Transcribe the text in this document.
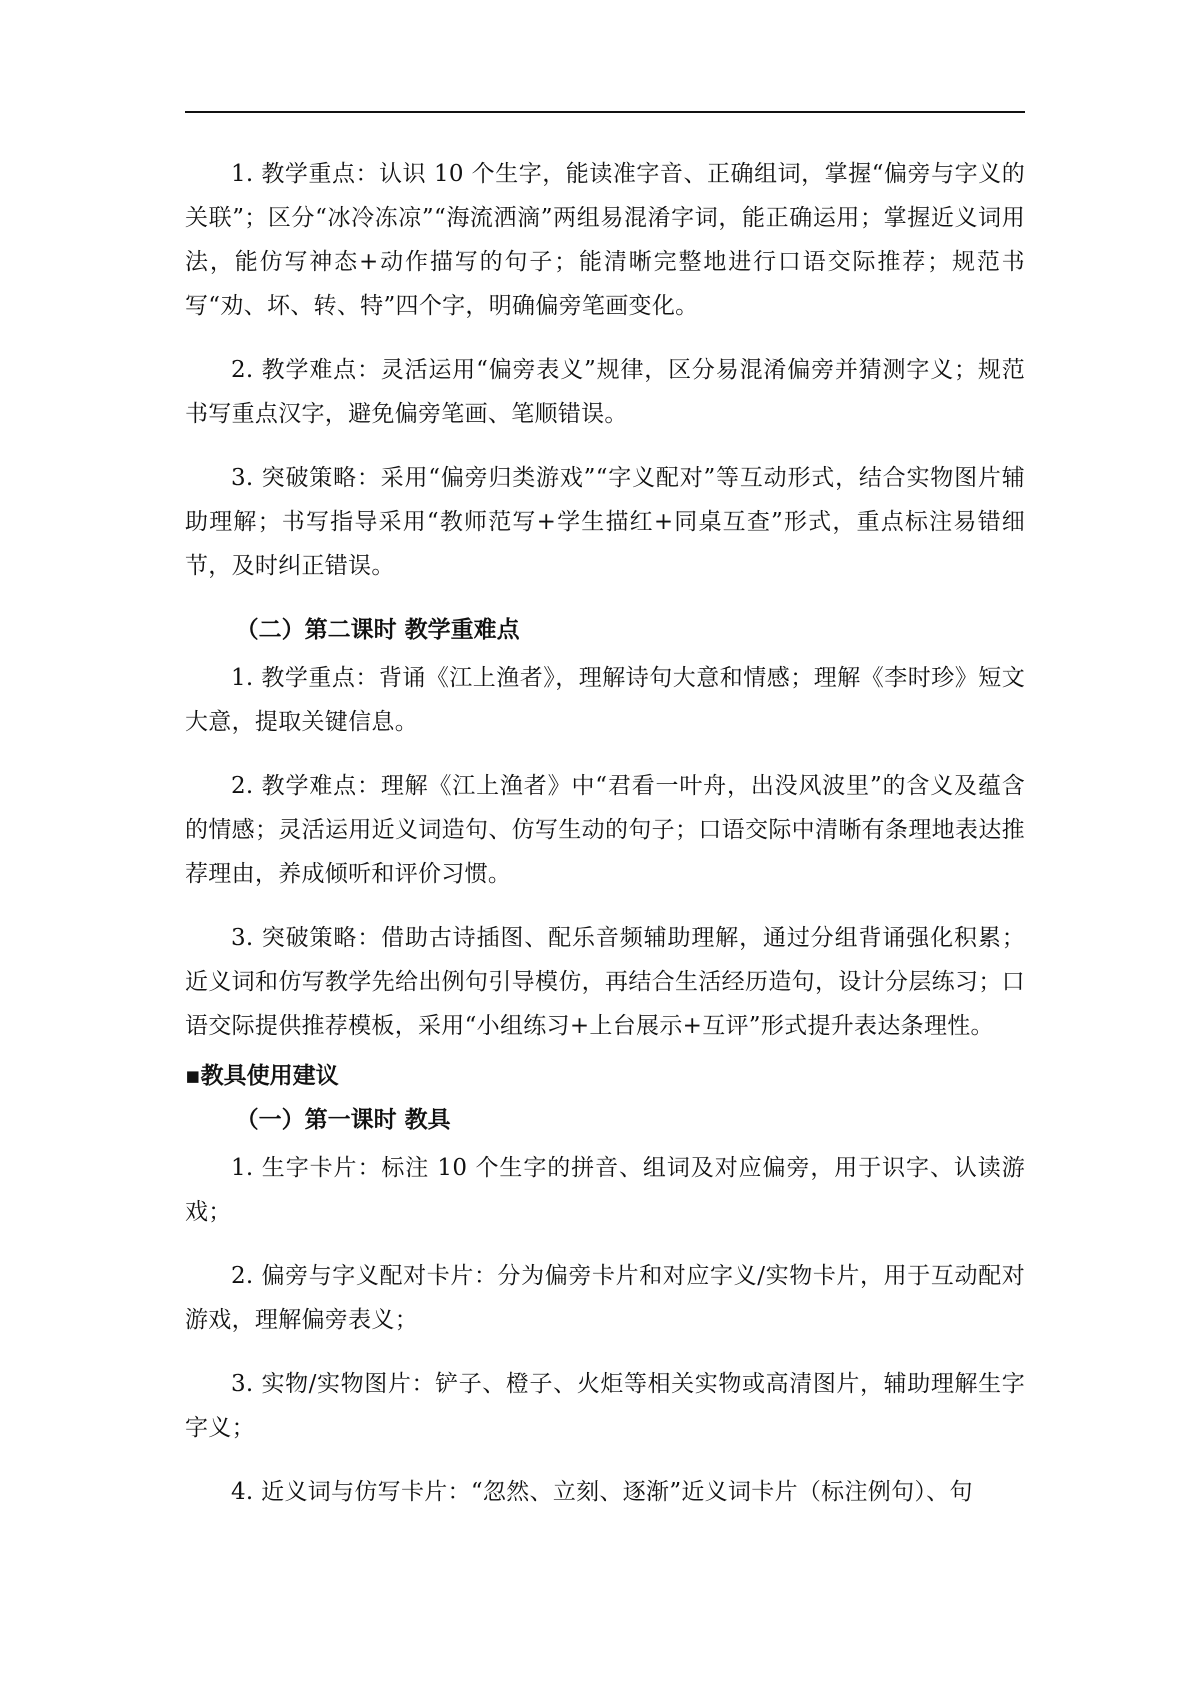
1. 教学重点：认识 10 个生字，能读准字音、正确组词，掌握“偏旁与字义的关联”；区分“冰冷冻凉”“海流洒滴”两组易混淆字词，能正确运用；掌握近义词用法，能仿写神态+动作描写的句子；能清晰完整地进行口语交际推荐；规范书写“劝、坏、转、特”四个字，明确偏旁笔画变化。

2. 教学难点：灵活运用“偏旁表义”规律，区分易混淆偏旁并猜测字义；规范书写重点汉字，避免偏旁笔画、笔顺错误。

3. 突破策略：采用“偏旁归类游戏”“字义配对”等互动形式，结合实物图片辅助理解；书写指导采用“教师范写+学生描红+同桌互查”形式，重点标注易错细节，及时纠正错误。

（二）第二课时 教学重难点

1. 教学重点：背诵《江上渔者》，理解诗句大意和情感；理解《李时珍》短文大意，提取关键信息。

2. 教学难点：理解《江上渔者》中“君看一叶舟，出没风波里”的含义及蕴含的情感；灵活运用近义词造句、仿写生动的句子；口语交际中清晰有条理地表达推荐理由，养成倾听和评价习惯。

3. 突破策略：借助古诗插图、配乐音频辅助理解，通过分组背诵强化积累；近义词和仿写教学先给出例句引导模仿，再结合生活经历造句，设计分层练习；口语交际提供推荐模板，采用“小组练习+上台展示+互评”形式提升表达条理性。

▪教具使用建议
（一）第一课时 教具

1. 生字卡片：标注 10 个生字的拼音、组词及对应偏旁，用于识字、认读游戏；

2. 偏旁与字义配对卡片：分为偏旁卡片和对应字义/实物卡片，用于互动配对游戏，理解偏旁表义；

3. 实物/实物图片：铲子、橙子、火炬等相关实物或高清图片，辅助理解生字字义；

4. 近义词与仿写卡片：“忽然、立刻、逐渐”近义词卡片（标注例句）、句
